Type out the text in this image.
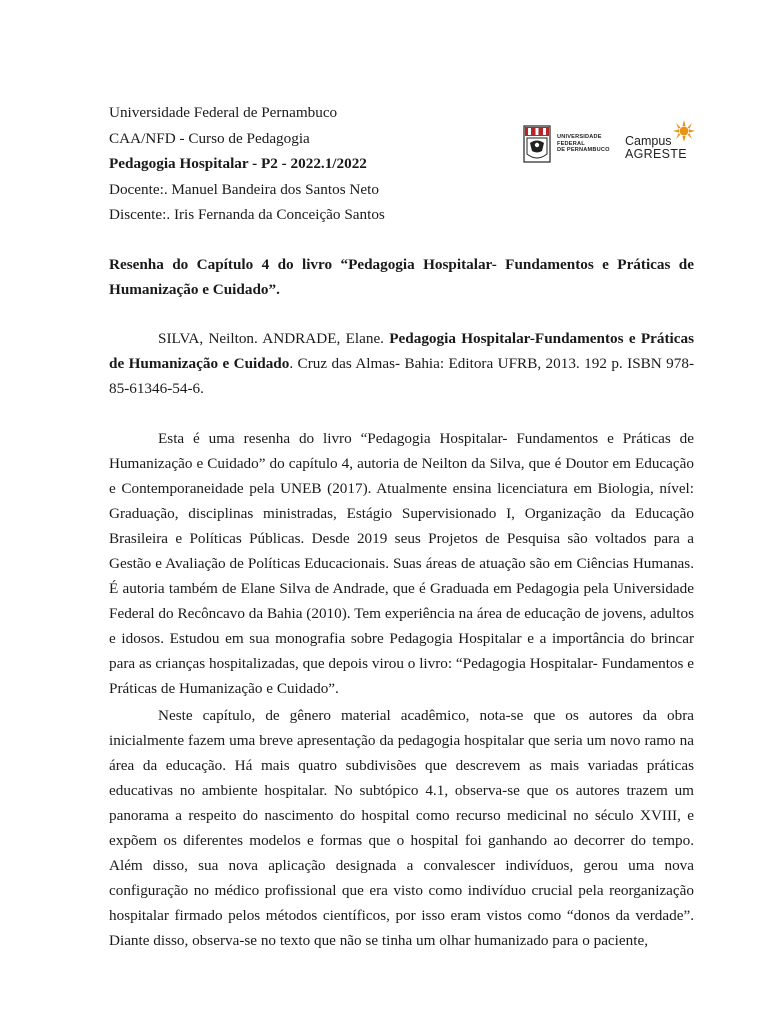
Universidade Federal de Pernambuco
CAA/NFD - Curso de Pedagogia
Pedagogia Hospitalar - P2 - 2022.1/2022
Docente:. Manuel Bandeira dos Santos Neto
Discente:. Iris Fernanda da Conceição Santos
UNIVERSIDADE
FEDERAL
DE PERNAMBUCO
Campus
AGRESTE
Resenha do Capítulo 4 do livro “Pedagogia Hospitalar- Fundamentos e Práticas de Humanização e Cuidado”.
SILVA, Neilton. ANDRADE, Elane. Pedagogia Hospitalar-Fundamentos e Práticas de Humanização e Cuidado. Cruz das Almas- Bahia: Editora UFRB, 2013. 192 p. ISBN 978-85-61346-54-6.

Esta é uma resenha do livro “Pedagogia Hospitalar- Fundamentos e Práticas de Humanização e Cuidado” do capítulo 4, autoria de Neilton da Silva, que é Doutor em Educação e Contemporaneidade pela UNEB (2017). Atualmente ensina licenciatura em Biologia, nível: Graduação, disciplinas ministradas, Estágio Supervisionado I, Organização da Educação Brasileira e Políticas Públicas. Desde 2019 seus Projetos de Pesquisa são voltados para a Gestão e Avaliação de Políticas Educacionais. Suas áreas de atuação são em Ciências Humanas. É autoria também de Elane Silva de Andrade, que é Graduada em Pedagogia pela Universidade Federal do Recôncavo da Bahia (2010). Tem experiência na área de educação de jovens, adultos e idosos. Estudou em sua monografia sobre Pedagogia Hospitalar e a importância do brincar para as crianças hospitalizadas, que depois virou o livro: “Pedagogia Hospitalar- Fundamentos e Práticas de Humanização e Cuidado”.

Neste capítulo, de gênero material acadêmico, nota-se que os autores da obra inicialmente fazem uma breve apresentação da pedagogia hospitalar que seria um novo ramo na área da educação. Há mais quatro subdivisões que descrevem as mais variadas práticas educativas no ambiente hospitalar. No subtópico 4.1, observa-se que os autores trazem um panorama a respeito do nascimento do hospital como recurso medicinal no século XVIII, e expõem os diferentes modelos e formas que o hospital foi ganhando ao decorrer do tempo. Além disso, sua nova aplicação designada a convalescer indivíduos, gerou uma nova configuração no médico profissional que era visto como indivíduo crucial pela reorganização hospitalar firmado pelos métodos científicos, por isso eram vistos como “donos da verdade”. Diante disso, observa-se no texto que não se tinha um olhar humanizado para o paciente,
